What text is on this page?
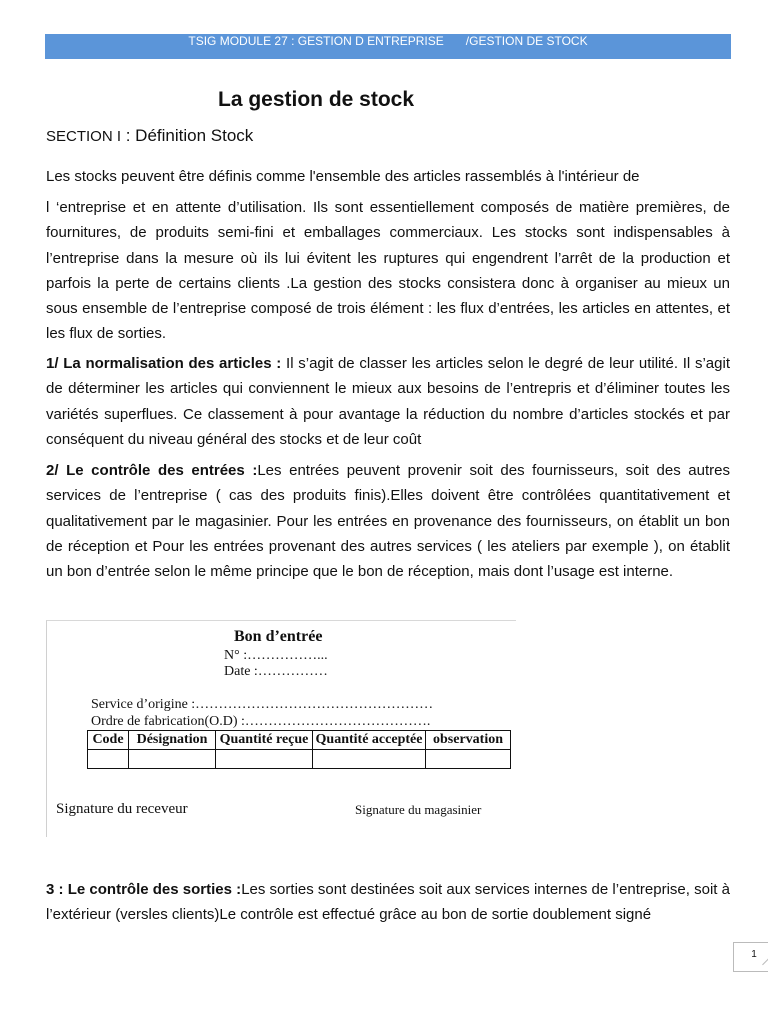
TSIG MODULE 27 : GESTION D ENTREPRISE /GESTION DE STOCK
La gestion de stock

SECTION I : Définition Stock

Les stocks peuvent être définis comme l'ensemble des articles rassemblés à l'intérieur de

l ‘entreprise et en attente d’utilisation. Ils sont essentiellement composés de matière premières, de fournitures, de produits semi-fini et emballages commerciaux. Les stocks sont indispensables à l’entreprise dans la mesure où ils lui évitent les ruptures qui engendrent l’arrêt de la production et parfois la perte de certains clients .La gestion des stocks consistera donc à organiser au mieux un sous ensemble de l’entreprise composé de trois élément : les flux d’entrées, les articles en attentes, et les flux de sorties.

1/ La normalisation des articles : Il s’agit de classer les articles selon le degré de leur utilité. Il s’agit de déterminer les articles qui conviennent le mieux aux besoins de l’entrepris et d’éliminer toutes les variétés superflues. Ce classement à pour avantage la réduction du nombre d’articles stockés et par conséquent du niveau général des stocks et de leur coût

2/ Le contrôle des entrées :Les entrées peuvent provenir soit des fournisseurs, soit des autres services de l’entreprise ( cas des produits finis).Elles doivent être contrôlées quantitativement et qualitativement par le magasinier. Pour les entrées en provenance des fournisseurs, on établit un bon de réception et Pour les entrées provenant des autres services ( les ateliers par exemple ), on établit un bon d’entrée selon le même principe que le bon de réception, mais dont l’usage est interne.

Bon d’entrée
N° :……………...
Date :……………
Service d’origine :……………………………………………
Ordre de fabrication(O.D) :………………………………….
Code	Désignation	Quantité reçue	Quantité acceptée	observation

Signature du receveur	Signature du magasinier

3 : Le contrôle des sorties :Les sorties sont destinées soit aux services internes de l’entreprise, soit à l’extérieur (versles clients)Le contrôle est effectué grâce au bon de sortie doublement signé

1
